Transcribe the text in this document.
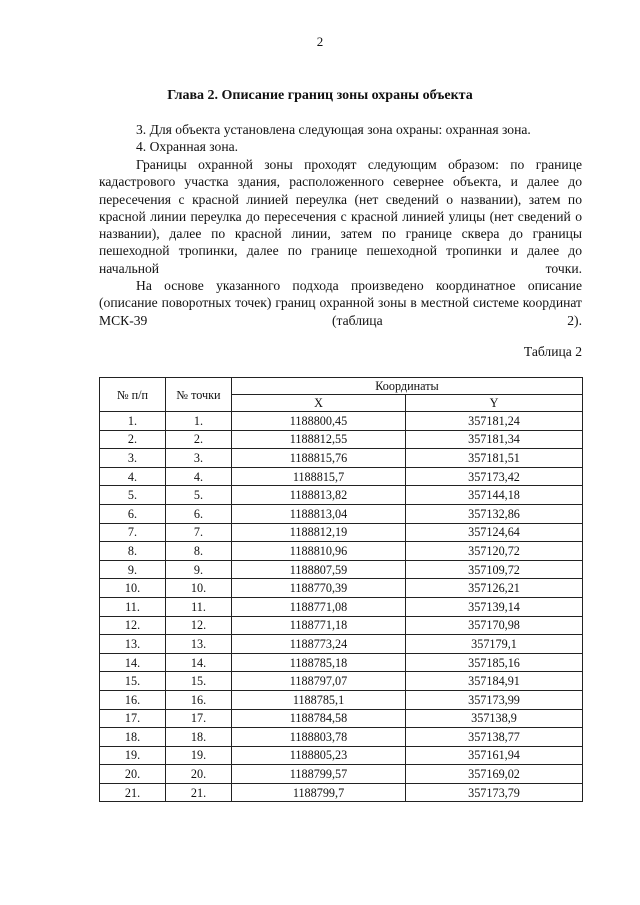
2
Глава 2. Описание границ зоны охраны объекта
3. Для объекта установлена следующая зона охраны: охранная зона.
4. Охранная зона.
Границы охранной зоны проходят следующим образом: по границе кадастрового участка здания, расположенного севернее объекта, и далее до пересечения с красной линией переулка (нет сведений о названии), затем по красной линии переулка до пересечения с красной линией улицы (нет сведений о названии), далее по красной линии, затем по границе сквера до границы пешеходной тропинки, далее по границе пешеходной тропинки и далее до начальной точки.
На основе указанного подхода произведено координатное описание (описание поворотных точек) границ охранной зоны в местной системе координат МСК-39 (таблица 2).
Таблица 2
№ п/п	№ точки	Координаты	
		X	Y
1.	1.	1188800,45	357181,24
2.	2.	1188812,55	357181,34
3.	3.	1188815,76	357181,51
4.	4.	1188815,7	357173,42
5.	5.	1188813,82	357144,18
6.	6.	1188813,04	357132,86
7.	7.	1188812,19	357124,64
8.	8.	1188810,96	357120,72
9.	9.	1188807,59	357109,72
10.	10.	1188770,39	357126,21
11.	11.	1188771,08	357139,14
12.	12.	1188771,18	357170,98
13.	13.	1188773,24	357179,1
14.	14.	1188785,18	357185,16
15.	15.	1188797,07	357184,91
16.	16.	1188785,1	357173,99
17.	17.	1188784,58	357138,9
18.	18.	1188803,78	357138,77
19.	19.	1188805,23	357161,94
20.	20.	1188799,57	357169,02
21.	21.	1188799,7	357173,79
